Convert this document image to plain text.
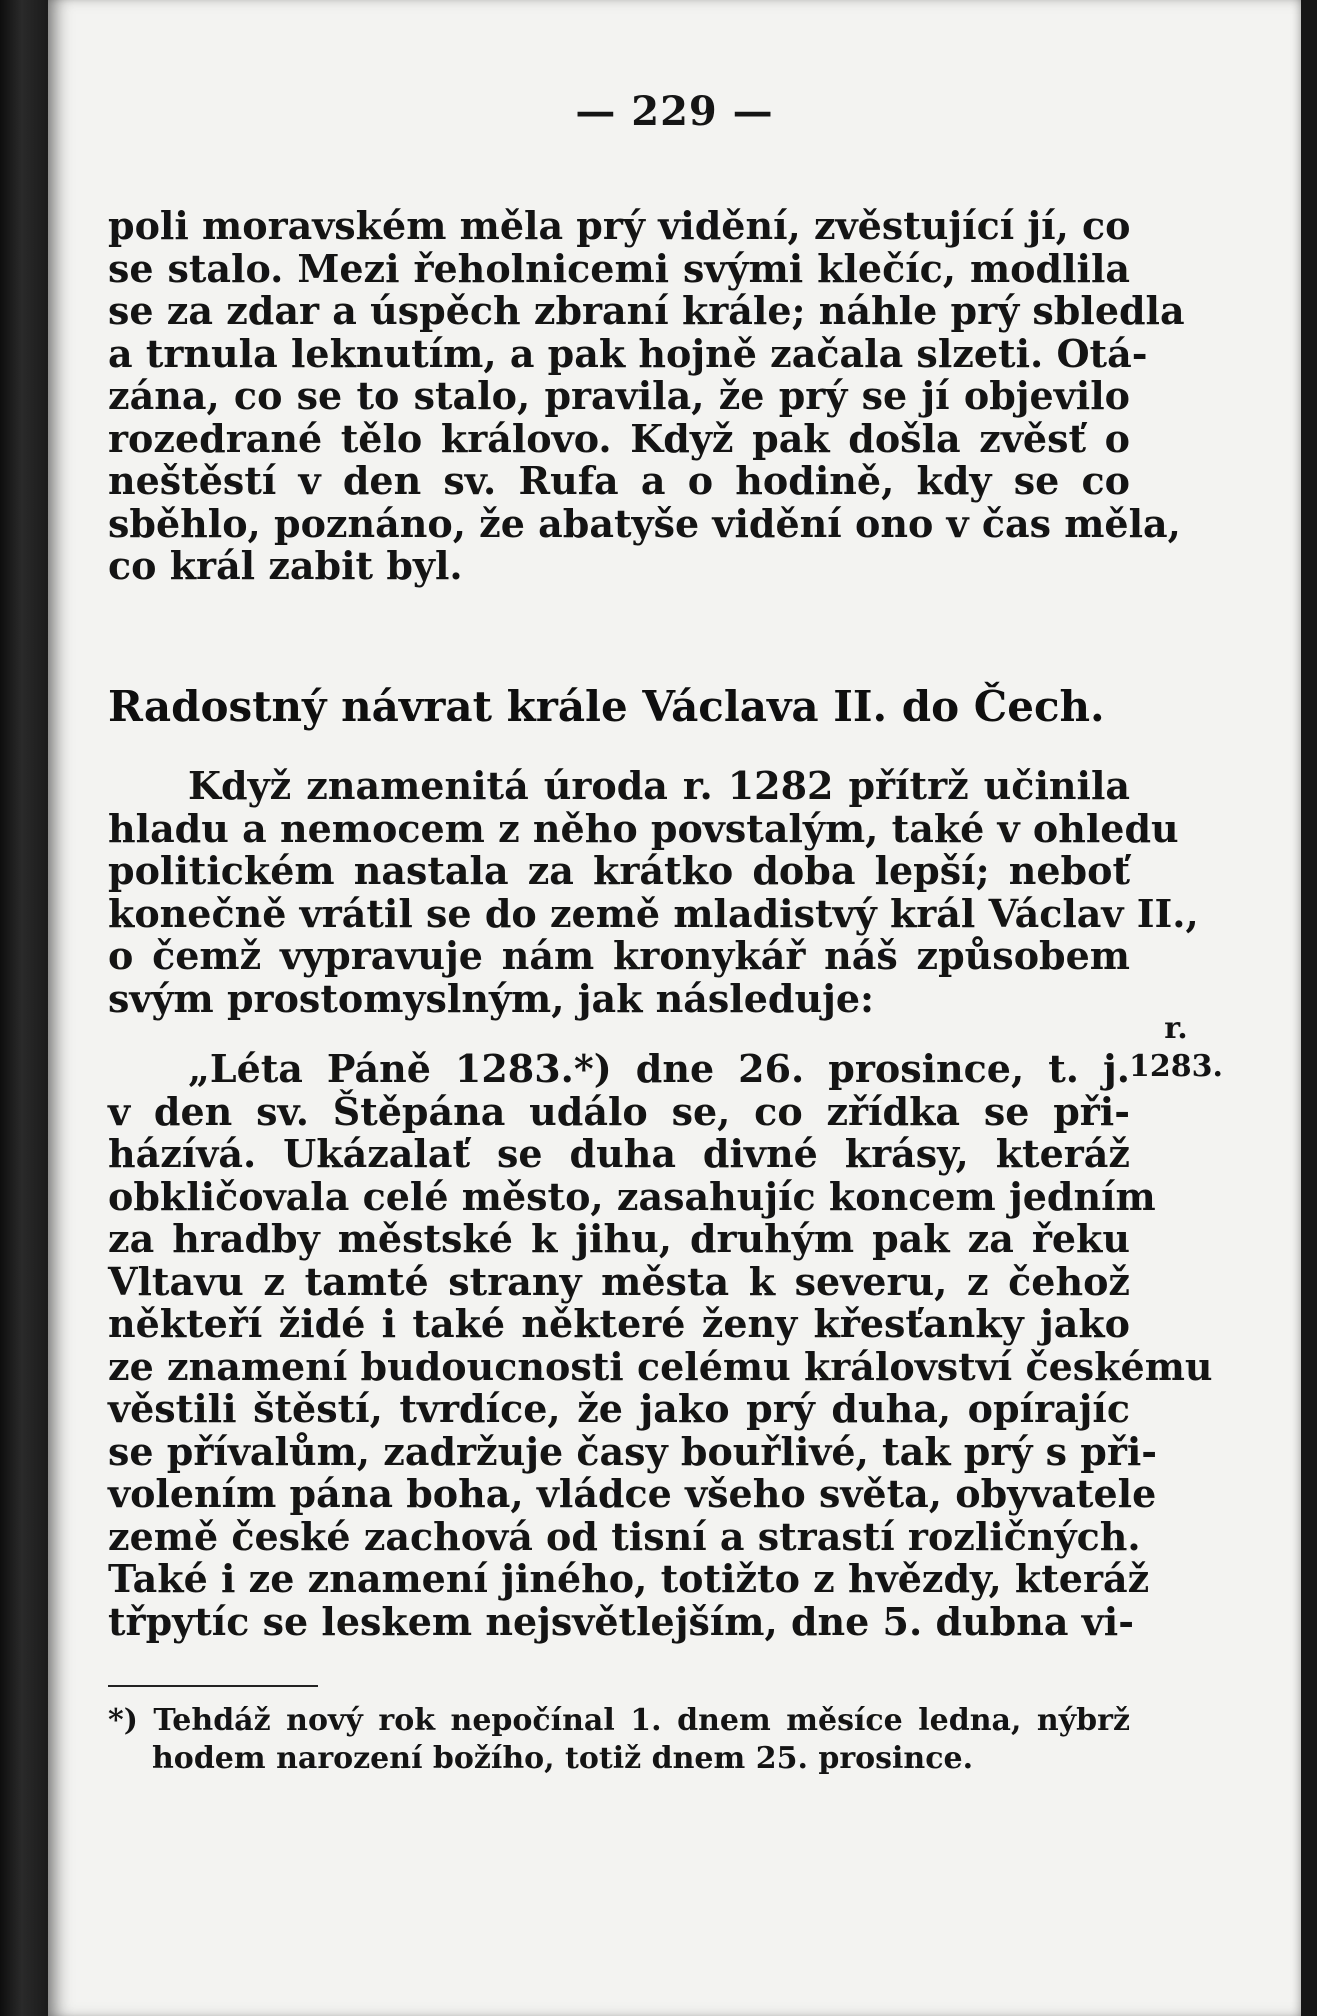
— 229 —
poli moravském měla prý vidění, zvěstující jí, co
se stalo. Mezi řeholnicemi svými klečíc, modlila
se za zdar a úspěch zbraní krále; náhle prý sbledla
a trnula leknutím, a pak hojně začala slzeti. Otá-
zána, co se to stalo, pravila, že prý se jí objevilo
rozedrané tělo královo. Když pak došla zvěsť o
neštěstí v den sv. Rufa a o hodině, kdy se co
sběhlo, poznáno, že abatyše vidění ono v čas měla,
co král zabit byl.
Radostný návrat krále Václava II. do Čech.
Když znamenitá úroda r. 1282 přítrž učinila
hladu a nemocem z něho povstalým, také v ohledu
politickém nastala za krátko doba lepší; neboť
konečně vrátil se do země mladistvý král Václav II.,
o čemž vypravuje nám kronykář náš způsobem
svým prostomyslným, jak následuje:
r.
1283.
„Léta Páně 1283.*) dne 26. prosince, t. j.
v den sv. Štěpána událo se, co zřídka se při-
házívá. Ukázalať se duha divné krásy, kteráž
obkličovala celé město, zasahujíc koncem jedním
za hradby městské k jihu, druhým pak za řeku
Vltavu z tamté strany města k severu, z čehož
někteří židé i také některé ženy křesťanky jako
ze znamení budoucnosti celému království českému
věstili štěstí, tvrdíce, že jako prý duha, opírajíc
se přívalům, zadržuje časy bouřlivé, tak prý s při-
volením pána boha, vládce všeho světa, obyvatele
země české zachová od tisní a strastí rozličných.
Také i ze znamení jiného, totižto z hvězdy, kteráž
třpytíc se leskem nejsvětlejším, dne 5. dubna vi-
*) Tehdáž nový rok nepočínal 1. dnem měsíce ledna, nýbrž
hodem narození božího, totiž dnem 25. prosince.
